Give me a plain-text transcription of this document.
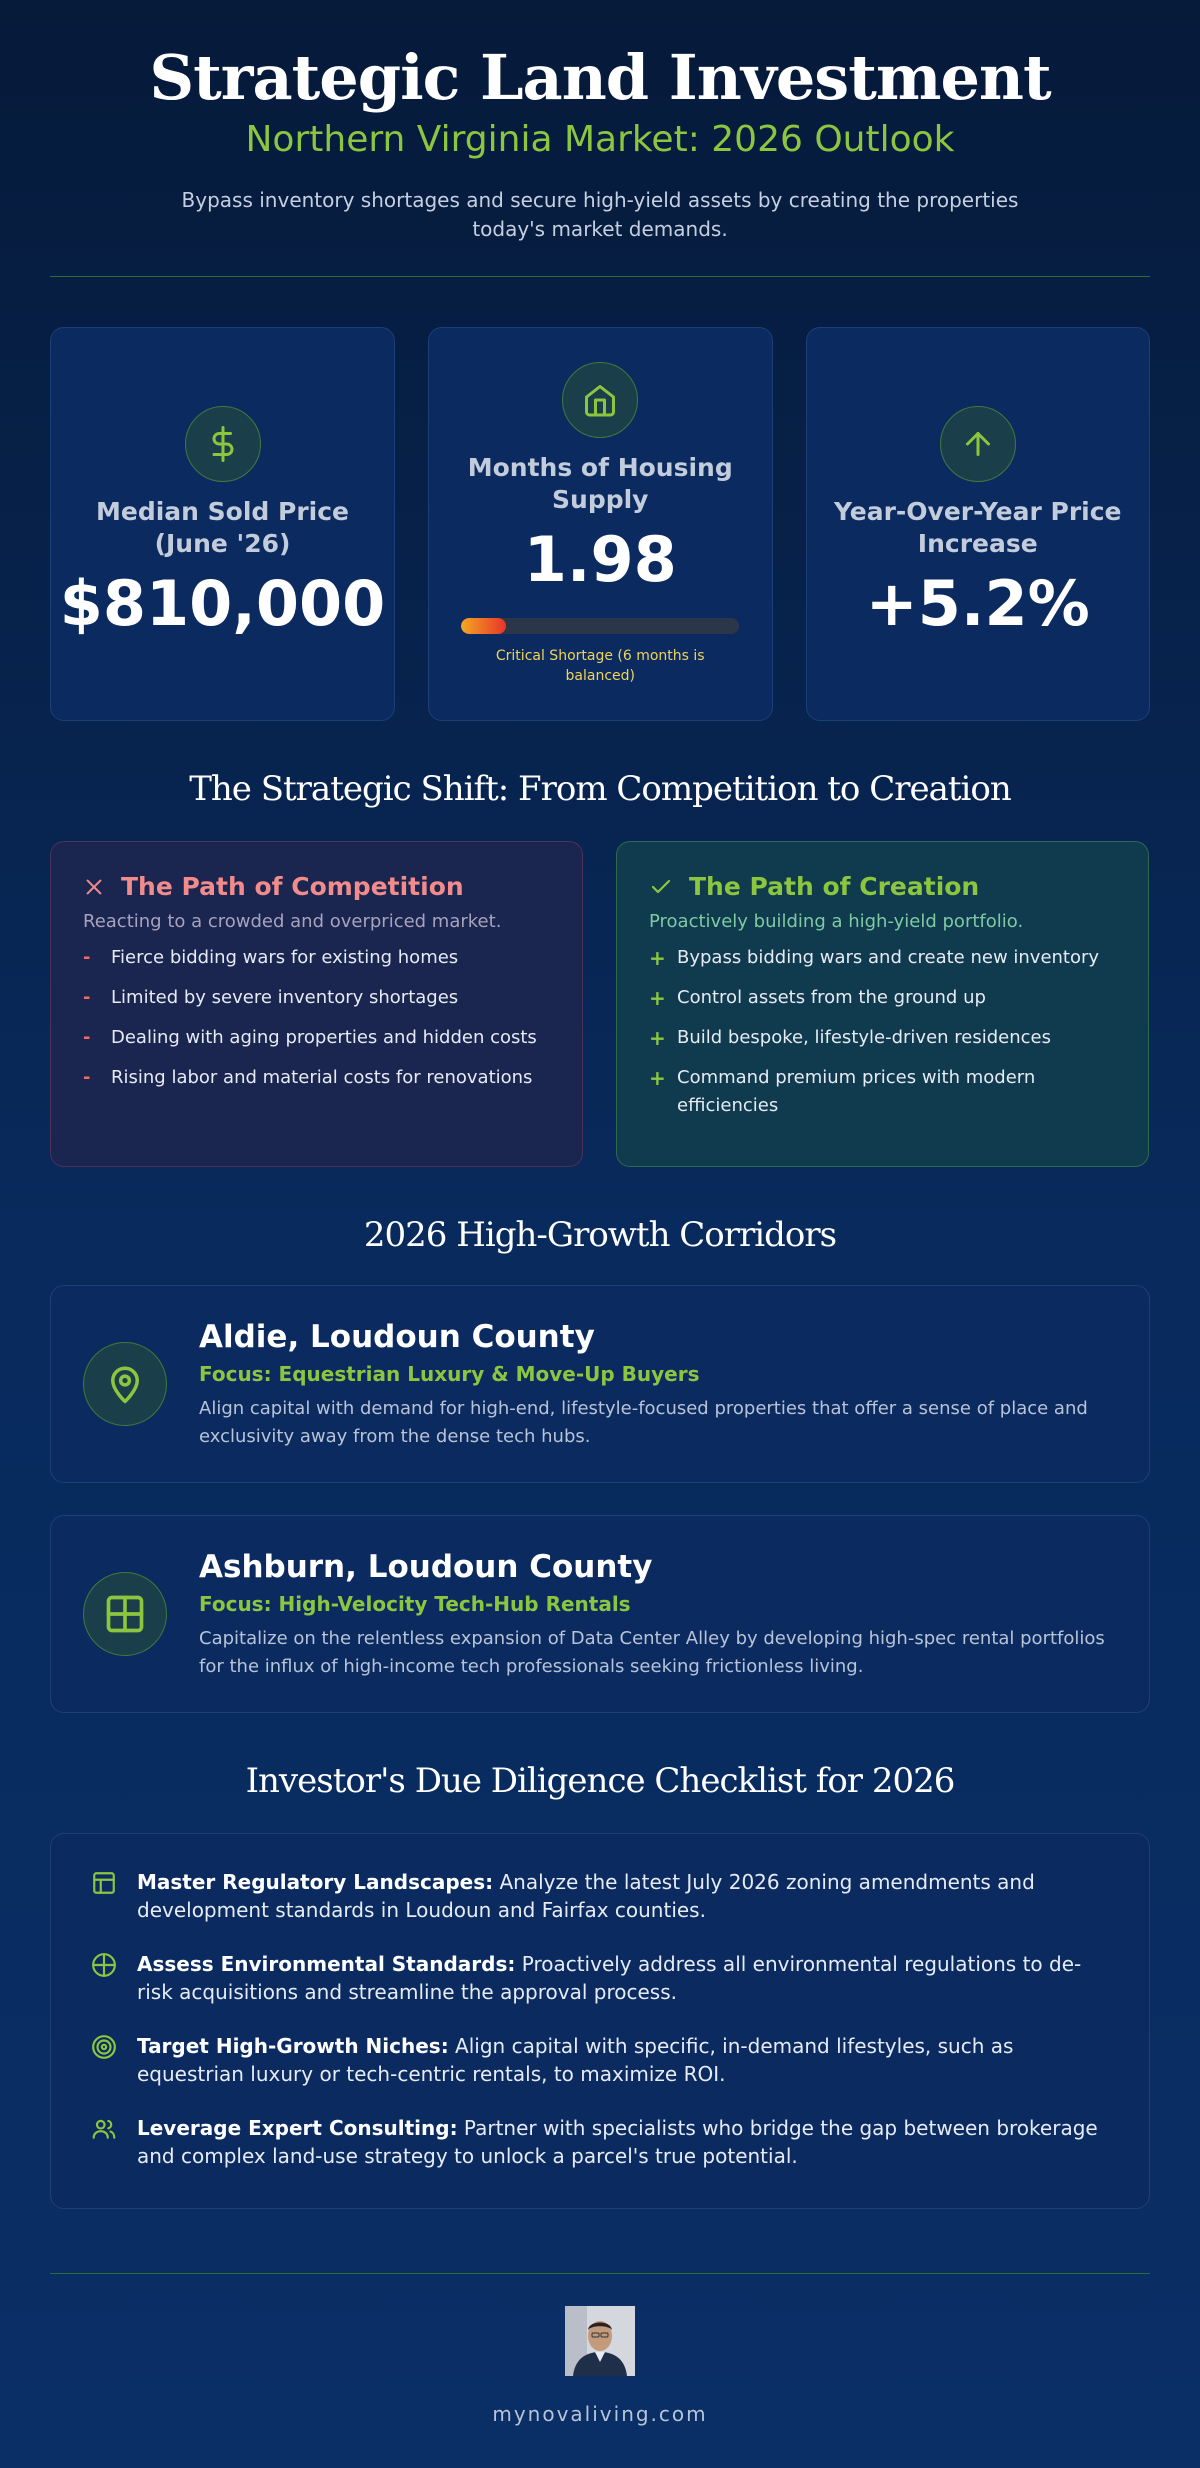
Strategic Land Investment
Northern Virginia Market: 2026 Outlook
Bypass inventory shortages and secure high-yield assets by creating the properties today's market demands.
Median Sold Price (June '26)
$810,000
Months of Housing Supply
1.98
Critical Shortage (6 months is balanced)
Year-Over-Year Price Increase
+5.2%
The Strategic Shift: From Competition to Creation
The Path of Competition
Reacting to a crowded and overpriced market.
-	Fierce bidding wars for existing homes
-	Limited by severe inventory shortages
-	Dealing with aging properties and hidden costs
-	Rising labor and material costs for renovations
The Path of Creation
Proactively building a high-yield portfolio.
+ Bypass bidding wars and create new inventory
+ Control assets from the ground up
+ Build bespoke, lifestyle-driven residences
+ Command premium prices with modern efficiencies
2026 High-Growth Corridors
Aldie, Loudoun County
Focus: Equestrian Luxury & Move-Up Buyers
Align capital with demand for high-end, lifestyle-focused properties that offer a sense of place and exclusivity away from the dense tech hubs.
Ashburn, Loudoun County
Focus: High-Velocity Tech-Hub Rentals
Capitalize on the relentless expansion of Data Center Alley by developing high-spec rental portfolios for the influx of high-income tech professionals seeking frictionless living.
Investor's Due Diligence Checklist for 2026
Master Regulatory Landscapes: Analyze the latest July 2026 zoning amendments and development standards in Loudoun and Fairfax counties.
Assess Environmental Standards: Proactively address all environmental regulations to de-risk acquisitions and streamline the approval process.
Target High-Growth Niches: Align capital with specific, in-demand lifestyles, such as equestrian luxury or tech-centric rentals, to maximize ROI.
Leverage Expert Consulting: Partner with specialists who bridge the gap between brokerage and complex land-use strategy to unlock a parcel's true potential.
mynovaliving.com
